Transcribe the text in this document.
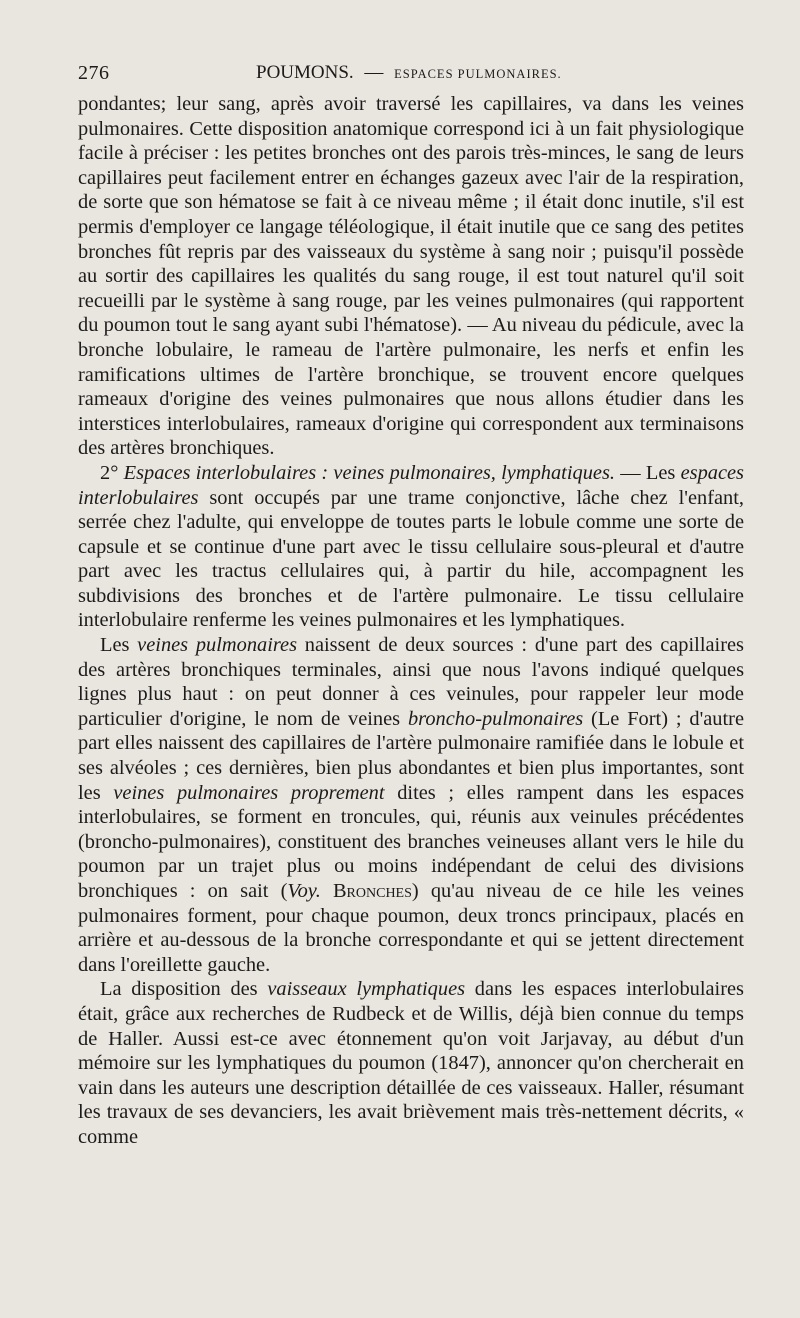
276	POUMONS. — ESPACES PULMONAIRES.

pondantes; leur sang, après avoir traversé les capillaires, va dans les veines pulmonaires. Cette disposition anatomique correspond ici à un fait physiologique facile à préciser : les petites bronches ont des parois très-minces, le sang de leurs capillaires peut facilement entrer en échanges gazeux avec l'air de la respiration, de sorte que son hématose se fait à ce niveau même ; il était donc inutile, s'il est permis d'employer ce langage téléologique, il était inutile que ce sang des petites bronches fût repris par des vaisseaux du système à sang noir ; puisqu'il possède au sortir des capillaires les qualités du sang rouge, il est tout naturel qu'il soit recueilli par le système à sang rouge, par les veines pulmonaires (qui rapportent du poumon tout le sang ayant subi l'hématose). — Au niveau du pédicule, avec la bronche lobulaire, le rameau de l'artère pulmonaire, les nerfs et enfin les ramifications ultimes de l'artère bronchique, se trouvent encore quelques rameaux d'origine des veines pulmonaires que nous allons étudier dans les interstices interlobulaires, rameaux d'origine qui correspondent aux terminaisons des artères bronchiques.

2° Espaces interlobulaires : veines pulmonaires, lymphatiques. — Les espaces interlobulaires sont occupés par une trame conjonctive, lâche chez l'enfant, serrée chez l'adulte, qui enveloppe de toutes parts le lobule comme une sorte de capsule et se continue d'une part avec le tissu cellulaire sous-pleural et d'autre part avec les tractus cellulaires qui, à partir du hile, accompagnent les subdivisions des bronches et de l'artère pulmonaire. Le tissu cellulaire interlobulaire renferme les veines pulmonaires et les lymphatiques.

Les veines pulmonaires naissent de deux sources : d'une part des capillaires des artères bronchiques terminales, ainsi que nous l'avons indiqué quelques lignes plus haut : on peut donner à ces veinules, pour rappeler leur mode particulier d'origine, le nom de veines broncho-pulmonaires (Le Fort) ; d'autre part elles naissent des capillaires de l'artère pulmonaire ramifiée dans le lobule et ses alvéoles ; ces dernières, bien plus abondantes et bien plus importantes, sont les veines pulmonaires proprement dites ; elles rampent dans les espaces interlobulaires, se forment en troncules, qui, réunis aux veinules précédentes (broncho-pulmonaires), constituent des branches veineuses allant vers le hile du poumon par un trajet plus ou moins indépendant de celui des divisions bronchiques : on sait (Voy. Bronches) qu'au niveau de ce hile les veines pulmonaires forment, pour chaque poumon, deux troncs principaux, placés en arrière et au-dessous de la bronche correspondante et qui se jettent directement dans l'oreillette gauche.

La disposition des vaisseaux lymphatiques dans les espaces interlobulaires était, grâce aux recherches de Rudbeck et de Willis, déjà bien connue du temps de Haller. Aussi est-ce avec étonnement qu'on voit Jarjavay, au début d'un mémoire sur les lymphatiques du poumon (1847), annoncer qu'on chercherait en vain dans les auteurs une description détaillée de ces vaisseaux. Haller, résumant les travaux de ses devanciers, les avait brièvement mais très-nettement décrits, « comme
